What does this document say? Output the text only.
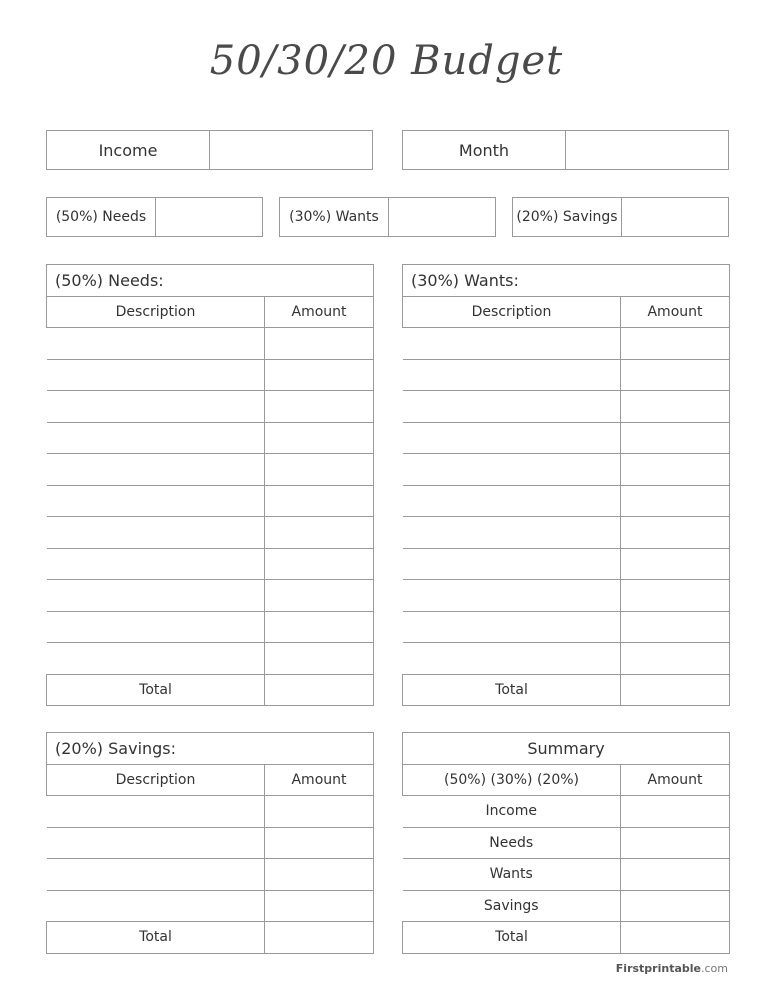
50/30/20 Budget
Income	Month
(50%) Needs	(30%) Wants	(20%) Savings
(50%) Needs:	
Description	Amount

Total	
(30%) Wants:	
Description	Amount

Total	
(20%) Savings:	
Description	Amount

Total	
Summary	
(50%) (30%) (20%)	Amount
Income	
Needs	
Wants	
Savings	
Total	
Firstprintable.com
